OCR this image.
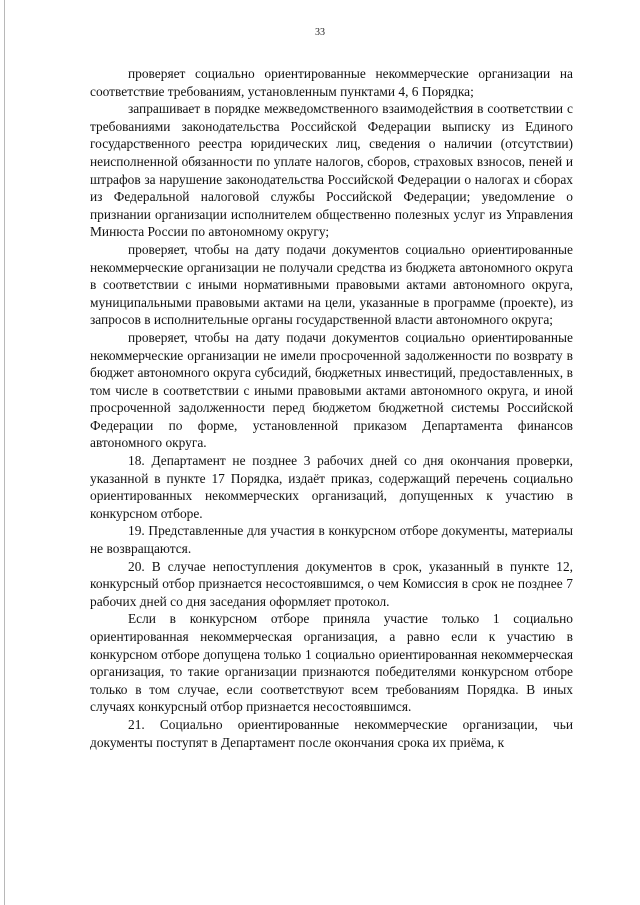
33

проверяет социально ориентированные некоммерческие организации на соответствие требованиям, установленным пунктами 4, 6 Порядка;

запрашивает в порядке межведомственного взаимодействия в соответствии с требованиями законодательства Российской Федерации выписку из Единого государственного реестра юридических лиц, сведения о наличии (отсутствии) неисполненной обязанности по уплате налогов, сборов, страховых взносов, пеней и штрафов за нарушение законодательства Российской Федерации о налогах и сборах из Федеральной налоговой службы Российской Федерации; уведомление о признании организации исполнителем общественно полезных услуг из Управления Минюста России по автономному округу;

проверяет, чтобы на дату подачи документов социально ориентированные некоммерческие организации не получали средства из бюджета автономного округа в соответствии с иными нормативными правовыми актами автономного округа, муниципальными правовыми актами на цели, указанные в программе (проекте), из запросов в исполнительные органы государственной власти автономного округа;

проверяет, чтобы на дату подачи документов социально ориентированные некоммерческие организации не имели просроченной задолженности по возврату в бюджет автономного округа субсидий, бюджетных инвестиций, предоставленных, в том числе в соответствии с иными правовыми актами автономного округа, и иной просроченной задолженности перед бюджетом бюджетной системы Российской Федерации по форме, установленной приказом Департамента финансов автономного округа.

18. Департамент не позднее 3 рабочих дней со дня окончания проверки, указанной в пункте 17 Порядка, издаёт приказ, содержащий перечень социально ориентированных некоммерческих организаций, допущенных к участию в конкурсном отборе.

19. Представленные для участия в конкурсном отборе документы, материалы не возвращаются.

20. В случае непоступления документов в срок, указанный в пункте 12, конкурсный отбор признается несостоявшимся, о чем Комиссия в срок не позднее 7 рабочих дней со дня заседания оформляет протокол.

Если в конкурсном отборе приняла участие только 1 социально ориентированная некоммерческая организация, а равно если к участию в конкурсном отборе допущена только 1 социально ориентированная некоммерческая организация, то такие организации признаются победителями конкурсном отборе только в том случае, если соответствуют всем требованиям Порядка. В иных случаях конкурсный отбор признается несостоявшимся.

21. Социально ориентированные некоммерческие организации, чьи документы поступят в Департамент после окончания срока их приёма, к
